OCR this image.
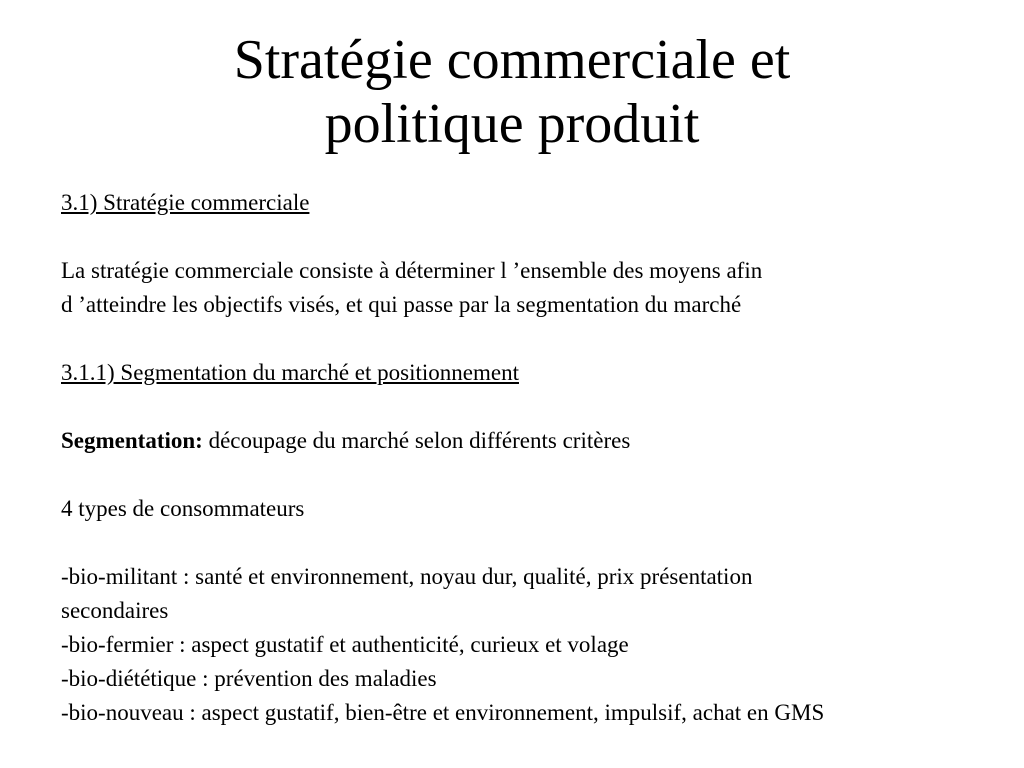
Stratégie commerciale et
politique produit
3.1) Stratégie commerciale
La stratégie commerciale consiste à déterminer l ’ensemble des moyens afin
d ’atteindre les objectifs visés, et qui passe par la segmentation du marché
3.1.1) Segmentation du marché et positionnement
Segmentation: découpage du marché selon différents critères
4 types de consommateurs
-bio-militant : santé et environnement, noyau dur, qualité, prix présentation
secondaires
-bio-fermier : aspect gustatif et authenticité, curieux et volage
-bio-diététique : prévention des maladies
-bio-nouveau : aspect gustatif, bien-être et environnement, impulsif, achat en GMS
